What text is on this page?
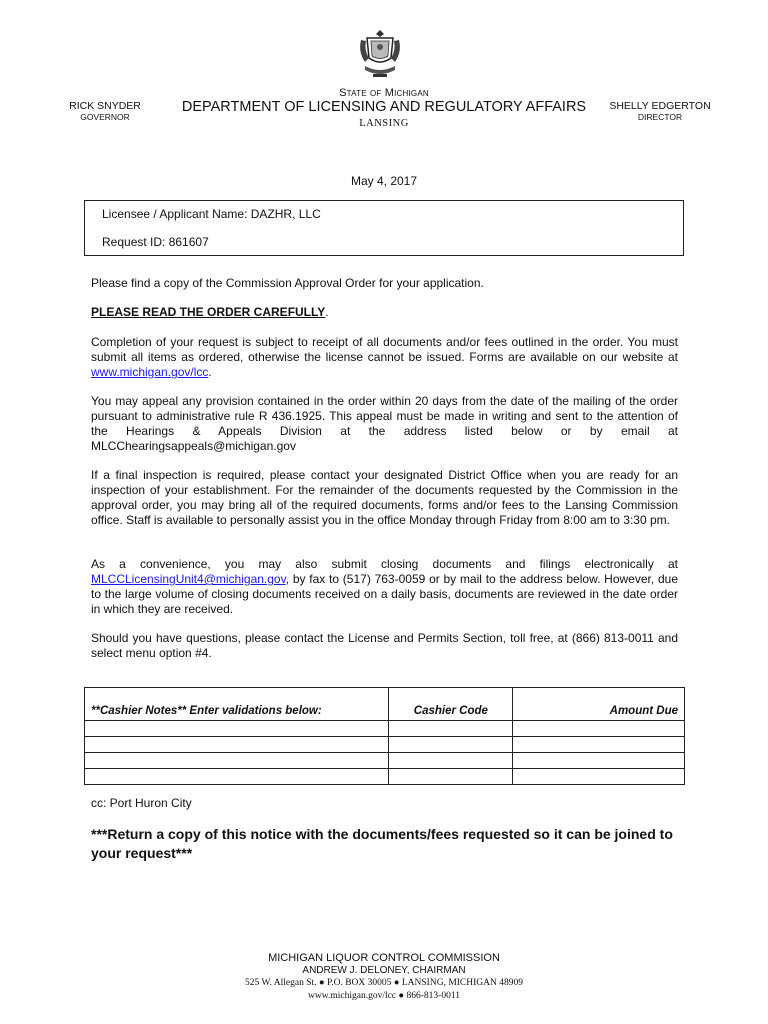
State of Michigan
DEPARTMENT OF LICENSING AND REGULATORY AFFAIRS
LANSING
RICK SNYDER
GOVERNOR
SHELLY EDGERTON
DIRECTOR
May 4, 2017
Licensee / Applicant Name: DAZHR, LLC
Request ID: 861607
Please find a copy of the Commission Approval Order for your application.
PLEASE READ THE ORDER CAREFULLY.
Completion of your request is subject to receipt of all documents and/or fees outlined in the order. You must submit all items as ordered, otherwise the license cannot be issued. Forms are available on our website at www.michigan.gov/lcc.
You may appeal any provision contained in the order within 20 days from the date of the mailing of the order pursuant to administrative rule R 436.1925. This appeal must be made in writing and sent to the attention of the Hearings & Appeals Division at the address listed below or by email at MLCChearingsappeals@michigan.gov
If a final inspection is required, please contact your designated District Office when you are ready for an inspection of your establishment. For the remainder of the documents requested by the Commission in the approval order, you may bring all of the required documents, forms and/or fees to the Lansing Commission office. Staff is available to personally assist you in the office Monday through Friday from 8:00 am to 3:30 pm.
As a convenience, you may also submit closing documents and filings electronically at MLCCLicensingUnit4@michigan.gov, by fax to (517) 763-0059 or by mail to the address below. However, due to the large volume of closing documents received on a daily basis, documents are reviewed in the date order in which they are received.
Should you have questions, please contact the License and Permits Section, toll free, at (866) 813-0011 and select menu option #4.
**Cashier Notes** Enter validations below:	Cashier Code	Amount Due

cc: Port Huron City
***Return a copy of this notice with the documents/fees requested so it can be joined to your request***
MICHIGAN LIQUOR CONTROL COMMISSION
ANDREW J. DELONEY, CHAIRMAN
525 W. Allegan St. ● P.O. BOX 30005 ● LANSING, MICHIGAN 48909
www.michigan.gov/lcc ● 866-813-0011
